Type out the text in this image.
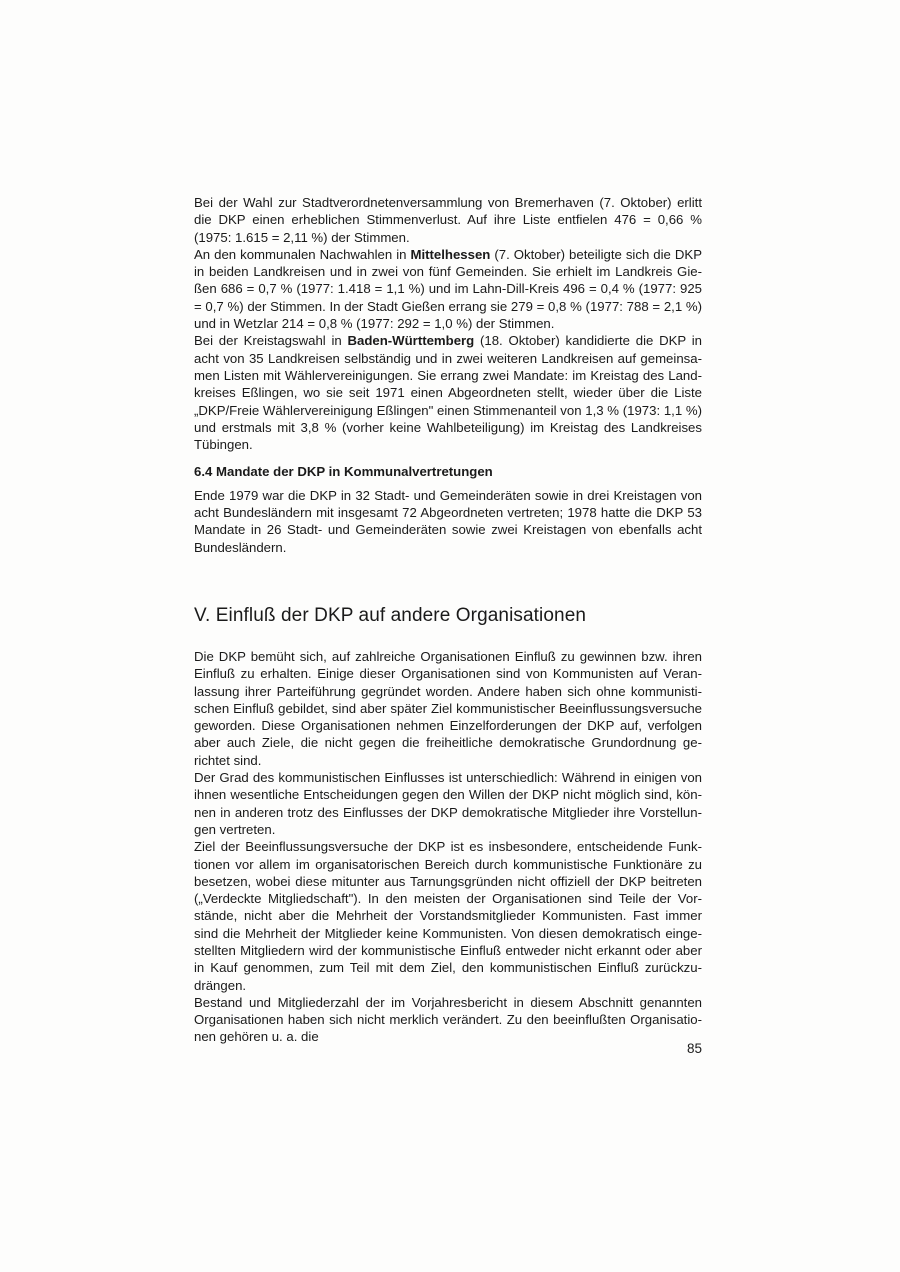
Bei der Wahl zur Stadtverordnetenversammlung von Bremerhaven (7. Oktober) erlitt die DKP einen erheblichen Stimmenverlust. Auf ihre Liste entfielen 476 = 0,66 % (1975: 1.615 = 2,11 %) der Stimmen.

An den kommunalen Nachwahlen in Mittelhessen (7. Oktober) beteiligte sich die DKP in beiden Landkreisen und in zwei von fünf Gemeinden. Sie erhielt im Landkreis Gießen 686 = 0,7 % (1977: 1.418 = 1,1 %) und im Lahn-Dill-Kreis 496 = 0,4 % (1977: 925 = 0,7 %) der Stimmen. In der Stadt Gießen errang sie 279 = 0,8 % (1977: 788 = 2,1 %) und in Wetzlar 214 = 0,8 % (1977: 292 = 1,0 %) der Stimmen.

Bei der Kreistagswahl in Baden-Württemberg (18. Oktober) kandidierte die DKP in acht von 35 Landkreisen selbständig und in zwei weiteren Landkreisen auf gemeinsamen Listen mit Wählervereinigungen. Sie errang zwei Mandate: im Kreistag des Landkreises Eßlingen, wo sie seit 1971 einen Abgeordneten stellt, wieder über die Liste „DKP/Freie Wählervereinigung Eßlingen" einen Stimmenanteil von 1,3 % (1973: 1,1 %) und erstmals mit 3,8 % (vorher keine Wahlbeteiligung) im Kreistag des Landkreises Tübingen.

6.4 Mandate der DKP in Kommunalvertretungen

Ende 1979 war die DKP in 32 Stadt- und Gemeinderäten sowie in drei Kreistagen von acht Bundesländern mit insgesamt 72 Abgeordneten vertreten; 1978 hatte die DKP 53 Mandate in 26 Stadt- und Gemeinderäten sowie zwei Kreistagen von ebenfalls acht Bundesländern.

V. Einfluß der DKP auf andere Organisationen

Die DKP bemüht sich, auf zahlreiche Organisationen Einfluß zu gewinnen bzw. ihren Einfluß zu erhalten. Einige dieser Organisationen sind von Kommunisten auf Veranlassung ihrer Parteiführung gegründet worden. Andere haben sich ohne kommunistischen Einfluß gebildet, sind aber später Ziel kommunistischer Beeinflussungsversuche geworden. Diese Organisationen nehmen Einzelforderungen der DKP auf, verfolgen aber auch Ziele, die nicht gegen die freiheitliche demokratische Grundordnung gerichtet sind.

Der Grad des kommunistischen Einflusses ist unterschiedlich: Während in einigen von ihnen wesentliche Entscheidungen gegen den Willen der DKP nicht möglich sind, können in anderen trotz des Einflusses der DKP demokratische Mitglieder ihre Vorstellungen vertreten.

Ziel der Beeinflussungsversuche der DKP ist es insbesondere, entscheidende Funktionen vor allem im organisatorischen Bereich durch kommunistische Funktionäre zu besetzen, wobei diese mitunter aus Tarnungsgründen nicht offiziell der DKP beitreten („Verdeckte Mitgliedschaft"). In den meisten der Organisationen sind Teile der Vorstände, nicht aber die Mehrheit der Vorstandsmitglieder Kommunisten. Fast immer sind die Mehrheit der Mitglieder keine Kommunisten. Von diesen demokratisch eingestellten Mitgliedern wird der kommunistische Einfluß entweder nicht erkannt oder aber in Kauf genommen, zum Teil mit dem Ziel, den kommunistischen Einfluß zurückzudrängen.

Bestand und Mitgliederzahl der im Vorjahresbericht in diesem Abschnitt genannten Organisationen haben sich nicht merklich verändert. Zu den beeinflußten Organisationen gehören u. a. die

85
